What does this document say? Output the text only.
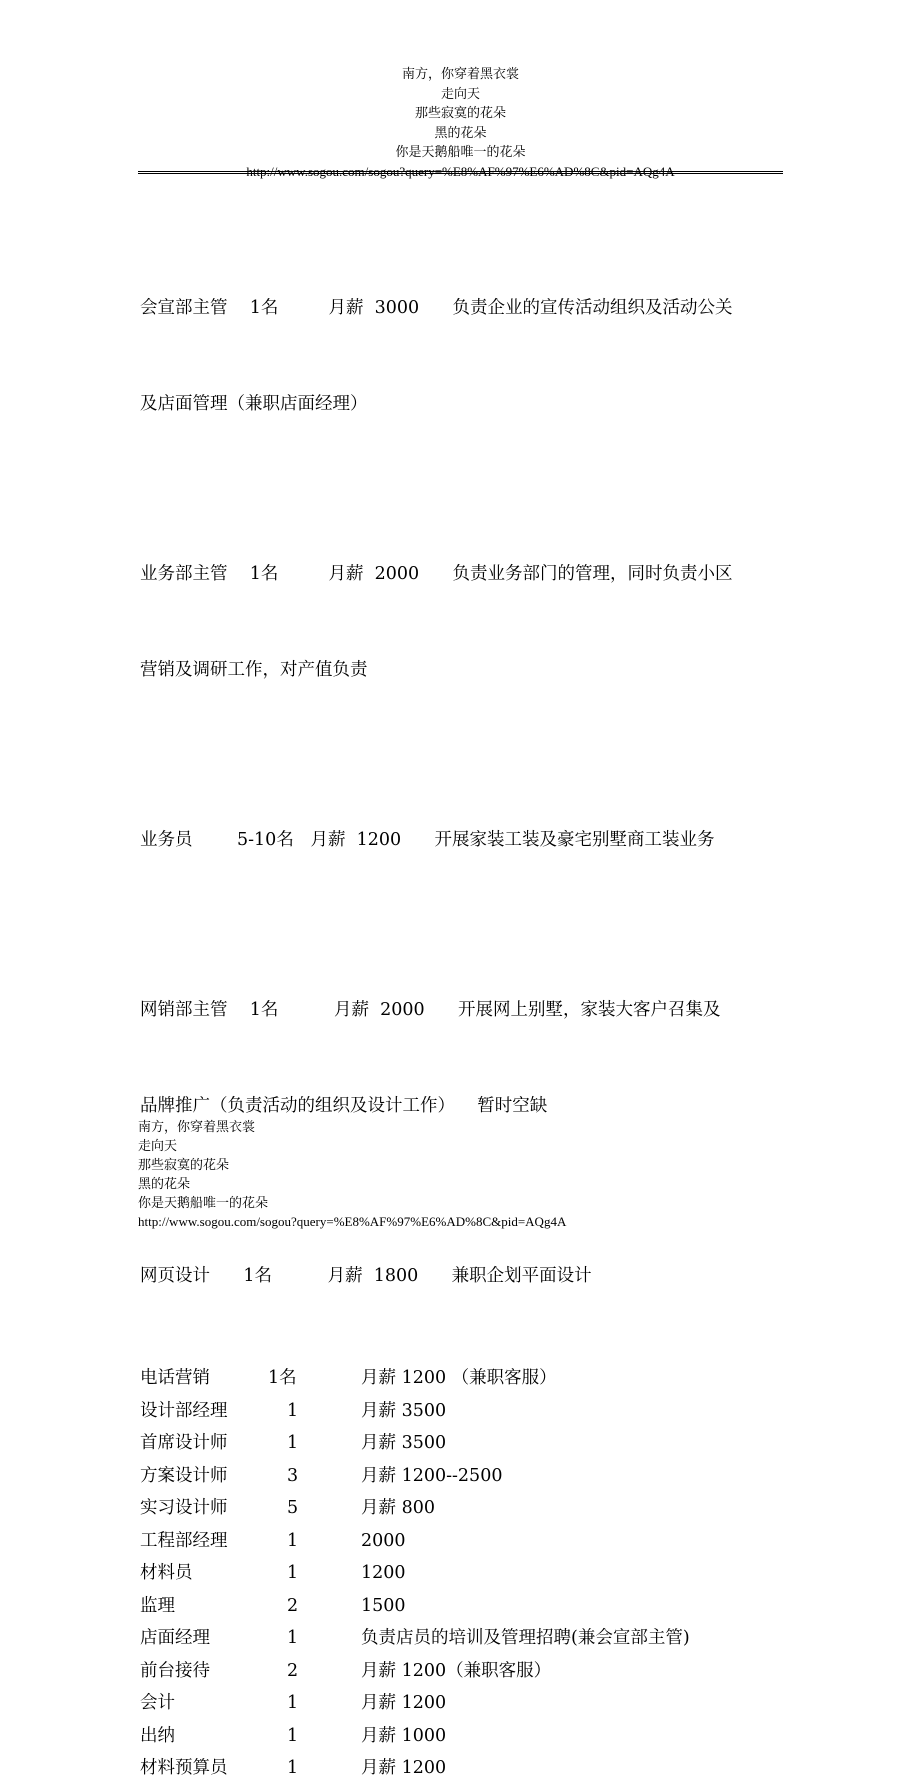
南方，你穿着黑衣裳
走向天
那些寂寞的花朵
黑的花朵
你是天鹅船唯一的花朵
http://www.sogou.com/sogou?query=%E8%AF%97%E6%AD%8C&pid=AQg4A

会宣部主管    1名         月薪  3000      负责企业的宣传活动组织及活动公关

及店面管理（兼职店面经理）

业务部主管    1名         月薪  2000      负责业务部门的管理，同时负责小区

营销及调研工作，对产值负责

业务员        5-10名   月薪  1200      开展家装工装及豪宅别墅商工装业务

网销部主管    1名          月薪  2000      开展网上别墅，家装大客户召集及

品牌推广（负责活动的组织及设计工作）    暂时空缺

网页设计      1名          月薪  1800      兼职企划平面设计

电话营销	1名	月薪 1200 （兼职客服）
设计部经理	1	月薪 3500
首席设计师	1	月薪 3500
方案设计师	3	月薪 1200--2500
实习设计师	5	月薪 800
工程部经理	1	2000
材料员	1	1200
监理	2	1500
店面经理	1	负责店员的培训及管理招聘(兼会宣部主管)
前台接待	2	月薪 1200（兼职客服）
会计	1	月薪 1200
出纳	1	月薪 1000
材料预算员	1	月薪 1200
南方，你穿着黑衣裳
走向天
那些寂寞的花朵
黑的花朵
你是天鹅船唯一的花朵
http://www.sogou.com/sogou?query=%E8%AF%97%E6%AD%8C&pid=AQg4A
